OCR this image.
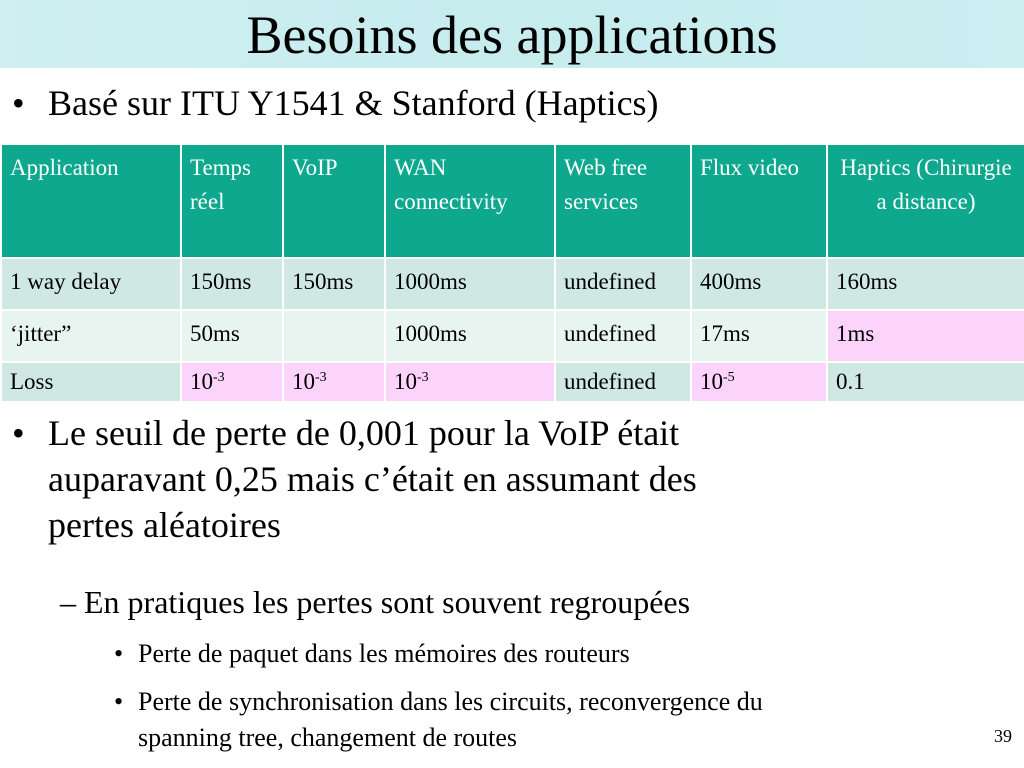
Besoins des applications
• Basé sur ITU Y1541 & Stanford (Haptics)
Application	Temps réel	VoIP	WAN connectivity	Web free services	Flux video	Haptics (Chirurgie a distance)
1 way delay	150ms	150ms	1000ms	undefined	400ms	160ms
‘jitter”	50ms		1000ms	undefined	17ms	1ms
Loss	$10^{-3}$	$10^{-3}$	$10^{-3}$	undefined	$10^{-5}$	0.1
• Le seuil de perte de 0,001 pour la VoIP était
auparavant 0,25 mais c’était en assumant des
pertes aléatoires
– En pratiques les pertes sont souvent regroupées
• Perte de paquet dans les mémoires des routeurs
• Perte de synchronisation dans les circuits, reconvergence du
spanning tree, changement de routes	39
